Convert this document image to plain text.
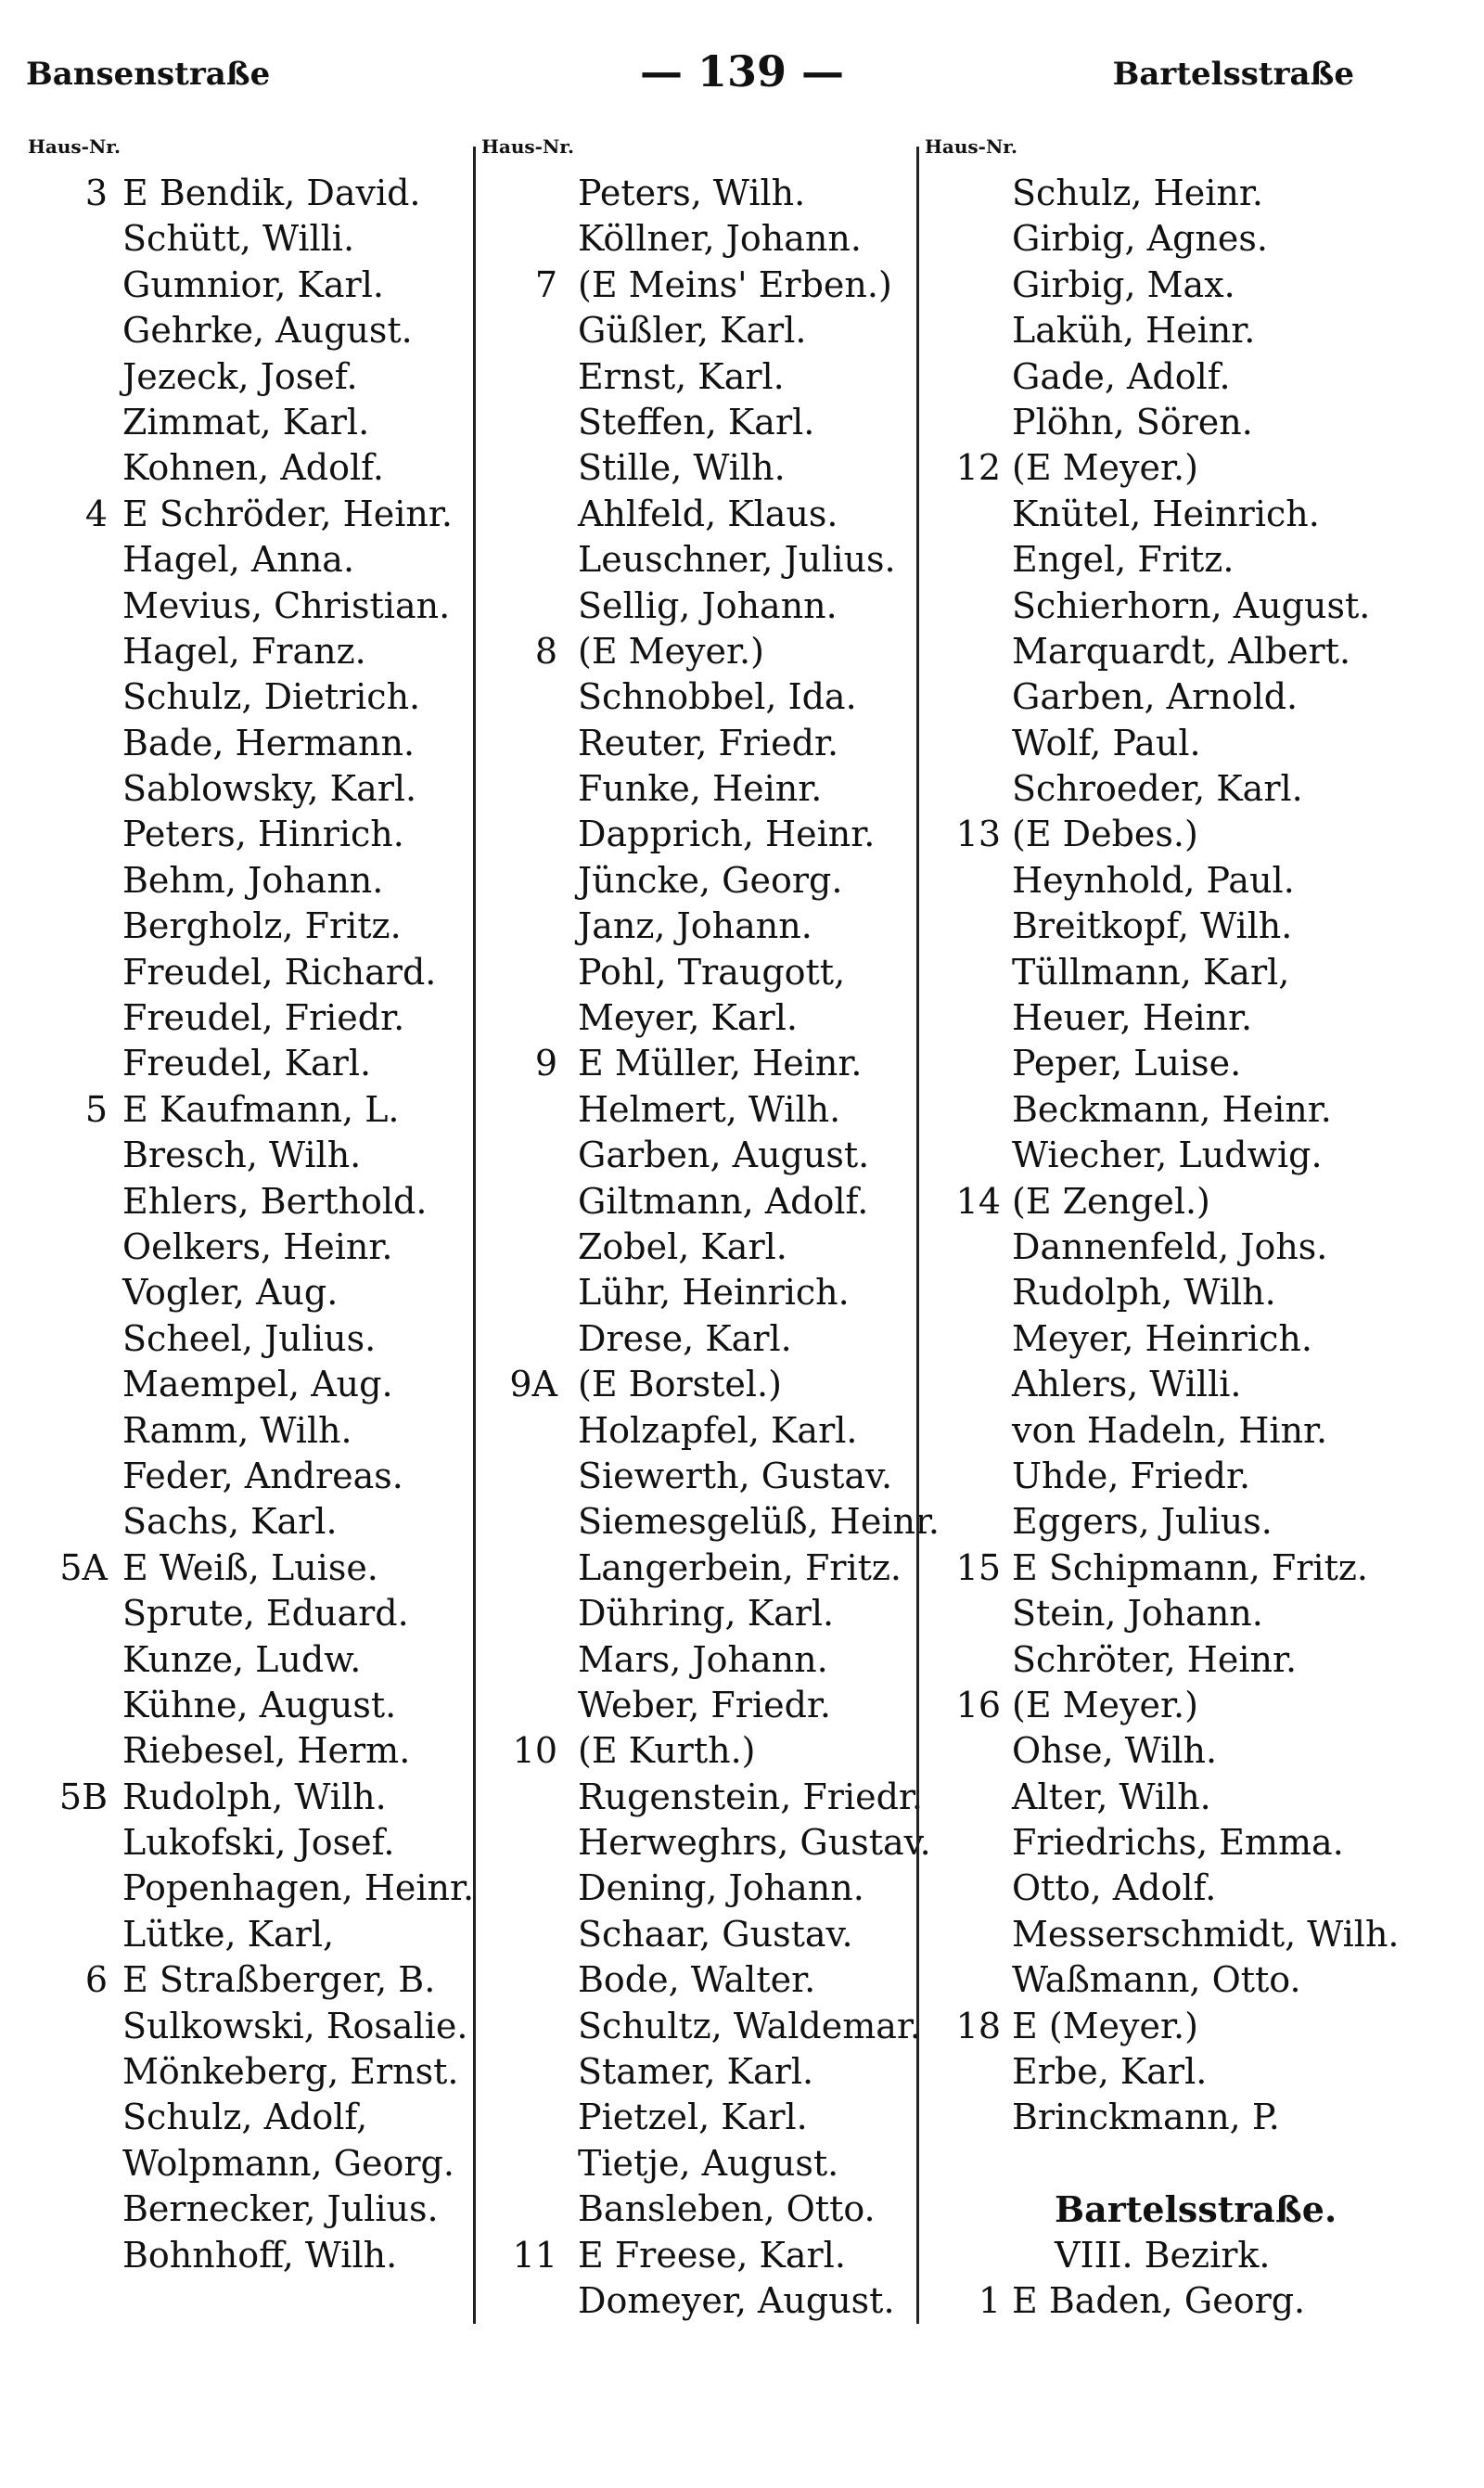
Bansenstraße	— 139 —	Bartelsstraße
Haus-Nr.
3 E Bendik, David.
Schütt, Willi.
Gumnior, Karl.
Gehrke, August.
Jezeck, Josef.
Zimmat, Karl.
Kohnen, Adolf.
4 E Schröder, Heinr.
Hagel, Anna.
Mevius, Christian.
Hagel, Franz.
Schulz, Dietrich.
Bade, Hermann.
Sablowsky, Karl.
Peters, Hinrich.
Behm, Johann.
Bergholz, Fritz.
Freudel, Richard.
Freudel, Friedr.
Freudel, Karl.
5 E Kaufmann, L.
Bresch, Wilh.
Ehlers, Berthold.
Oelkers, Heinr.
Vogler, Aug.
Scheel, Julius.
Maempel, Aug.
Ramm, Wilh.
Feder, Andreas.
Sachs, Karl.
5A E Weiß, Luise.
Sprute, Eduard.
Kunze, Ludw.
Kühne, August.
Riebesel, Herm.
5B Rudolph, Wilh.
Lukofski, Josef.
Popenhagen, Heinr.
Lütke, Karl,
6 E Straßberger, B.
Sulkowski, Rosalie.
Mönkeberg, Ernst.
Schulz, Adolf,
Wolpmann, Georg.
Bernecker, Julius.
Bohnhoff, Wilh.
Haus-Nr.
Peters, Wilh.
Köllner, Johann.
7 (E Meins' Erben.)
Güßler, Karl.
Ernst, Karl.
Steffen, Karl.
Stille, Wilh.
Ahlfeld, Klaus.
Leuschner, Julius.
Sellig, Johann.
8 (E Meyer.)
Schnobbel, Ida.
Reuter, Friedr.
Funke, Heinr.
Dapprich, Heinr.
Jüncke, Georg.
Janz, Johann.
Pohl, Traugott,
Meyer, Karl.
9 E Müller, Heinr.
Helmert, Wilh.
Garben, August.
Giltmann, Adolf.
Zobel, Karl.
Lühr, Heinrich.
Drese, Karl.
9A (E Borstel.)
Holzapfel, Karl.
Siewerth, Gustav.
Siemesgelüß, Heinr.
Langerbein, Fritz.
Dühring, Karl.
Mars, Johann.
Weber, Friedr.
10 (E Kurth.)
Rugenstein, Friedr.
Herweghrs, Gustav.
Dening, Johann.
Schaar, Gustav.
Bode, Walter.
Schultz, Waldemar.
Stamer, Karl.
Pietzel, Karl.
Tietje, August.
Bansleben, Otto.
11 E Freese, Karl.
Domeyer, August.
Haus-Nr.
Schulz, Heinr.
Girbig, Agnes.
Girbig, Max.
Laküh, Heinr.
Gade, Adolf.
Plöhn, Sören.
12 (E Meyer.)
Knütel, Heinrich.
Engel, Fritz.
Schierhorn, August.
Marquardt, Albert.
Garben, Arnold.
Wolf, Paul.
Schroeder, Karl.
13 (E Debes.)
Heynhold, Paul.
Breitkopf, Wilh.
Tüllmann, Karl,
Heuer, Heinr.
Peper, Luise.
Beckmann, Heinr.
Wiecher, Ludwig.
14 (E Zengel.)
Dannenfeld, Johs.
Rudolph, Wilh.
Meyer, Heinrich.
Ahlers, Willi.
von Hadeln, Hinr.
Uhde, Friedr.
Eggers, Julius.
15 E Schipmann, Fritz.
Stein, Johann.
Schröter, Heinr.
16 (E Meyer.)
Ohse, Wilh.
Alter, Wilh.
Friedrichs, Emma.
Otto, Adolf.
Messerschmidt, Wilh.
Waßmann, Otto.
18 E (Meyer.)
Erbe, Karl.
Brinckmann, P.
Bartelsstraße.
VIII. Bezirk.
1 E Baden, Georg.
